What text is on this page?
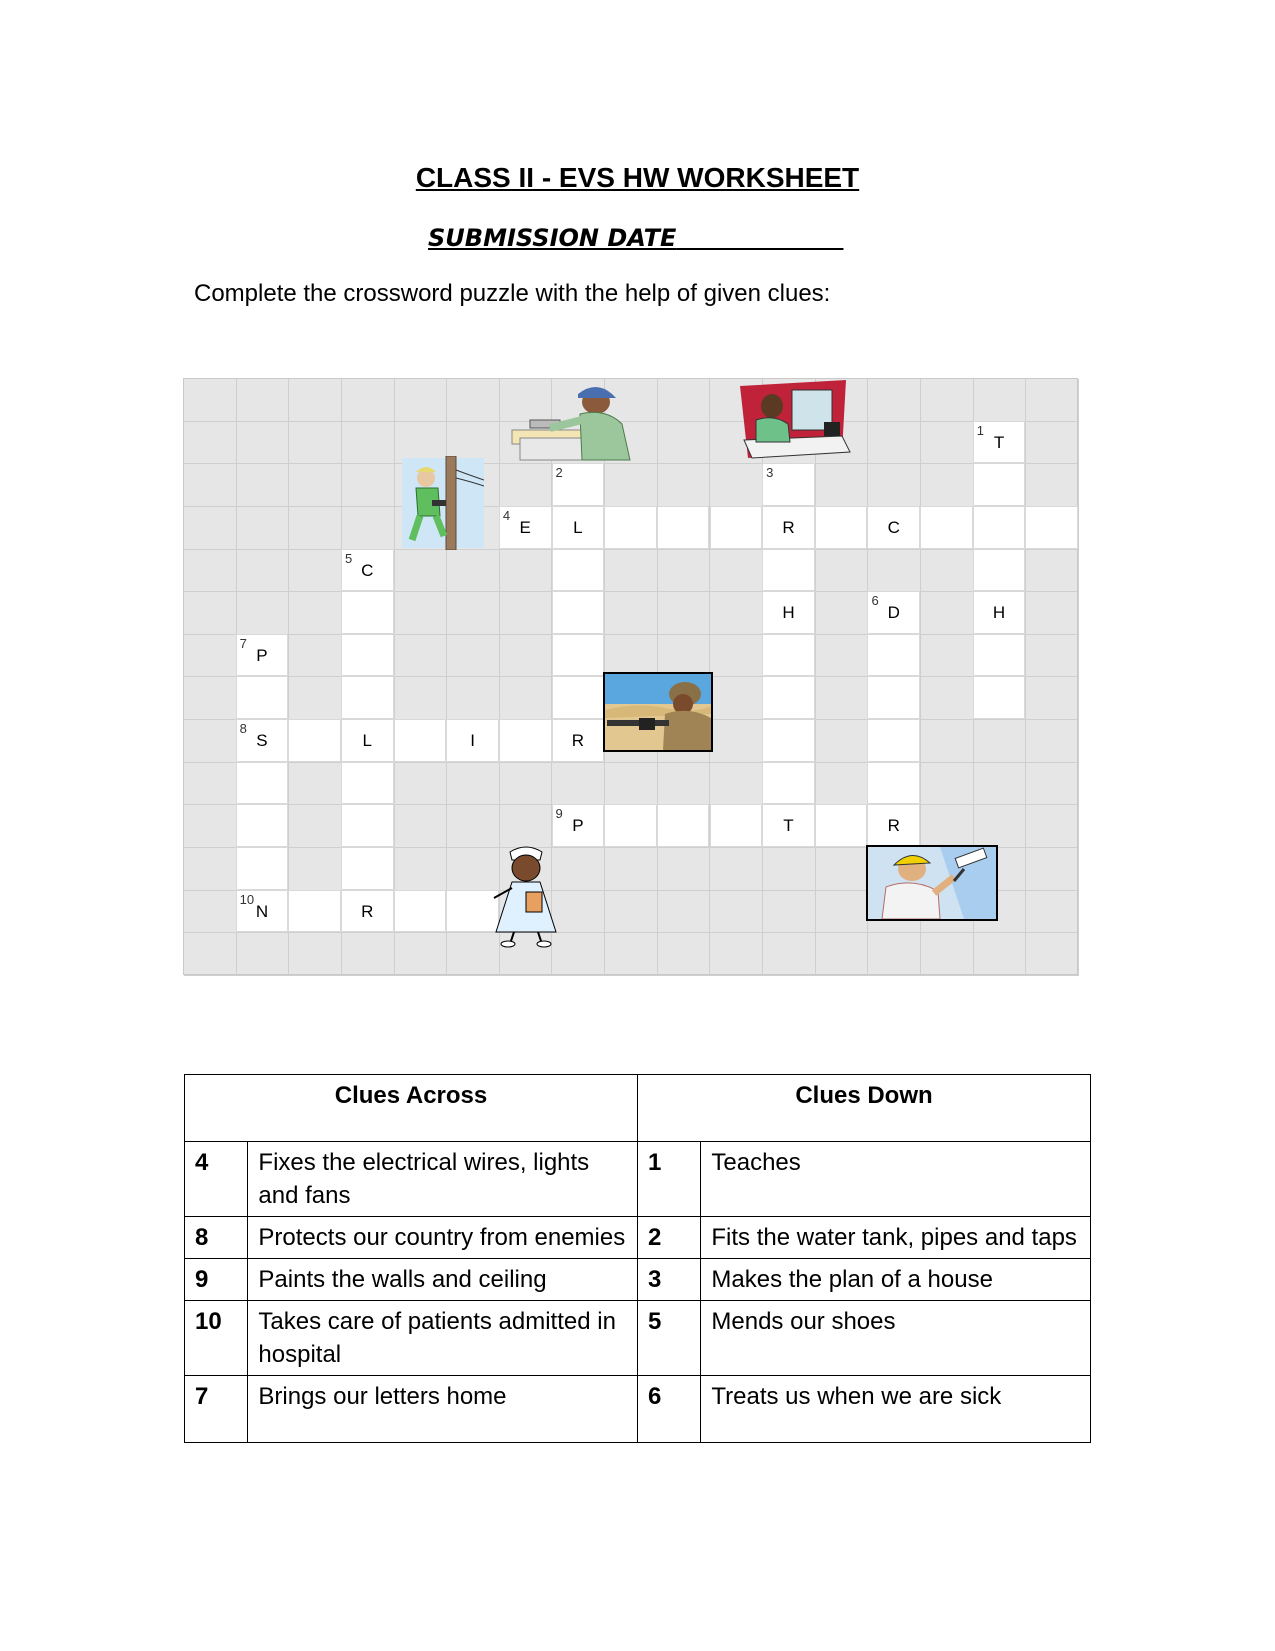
CLASS II - EVS HW WORKSHEET
SUBMISSION DATE
Complete the crossword puzzle with the help of given clues:
1
T
H
2
L
R
3
R
H
T
4
E	C
5
C
L
R
6
D
R
7
P
8
S
10
N
I
9
P
Clues Across		Clues Down	
4	Fixes the electrical wires, lights and fans	1	Teaches
8	Protects our country from enemies	2	Fits the water tank, pipes and taps
9	Paints the walls and ceiling	3	Makes the plan of a house
10	Takes care of patients admitted in hospital	5	Mends our shoes
7	Brings our letters home	6	Treats us when we are sick
